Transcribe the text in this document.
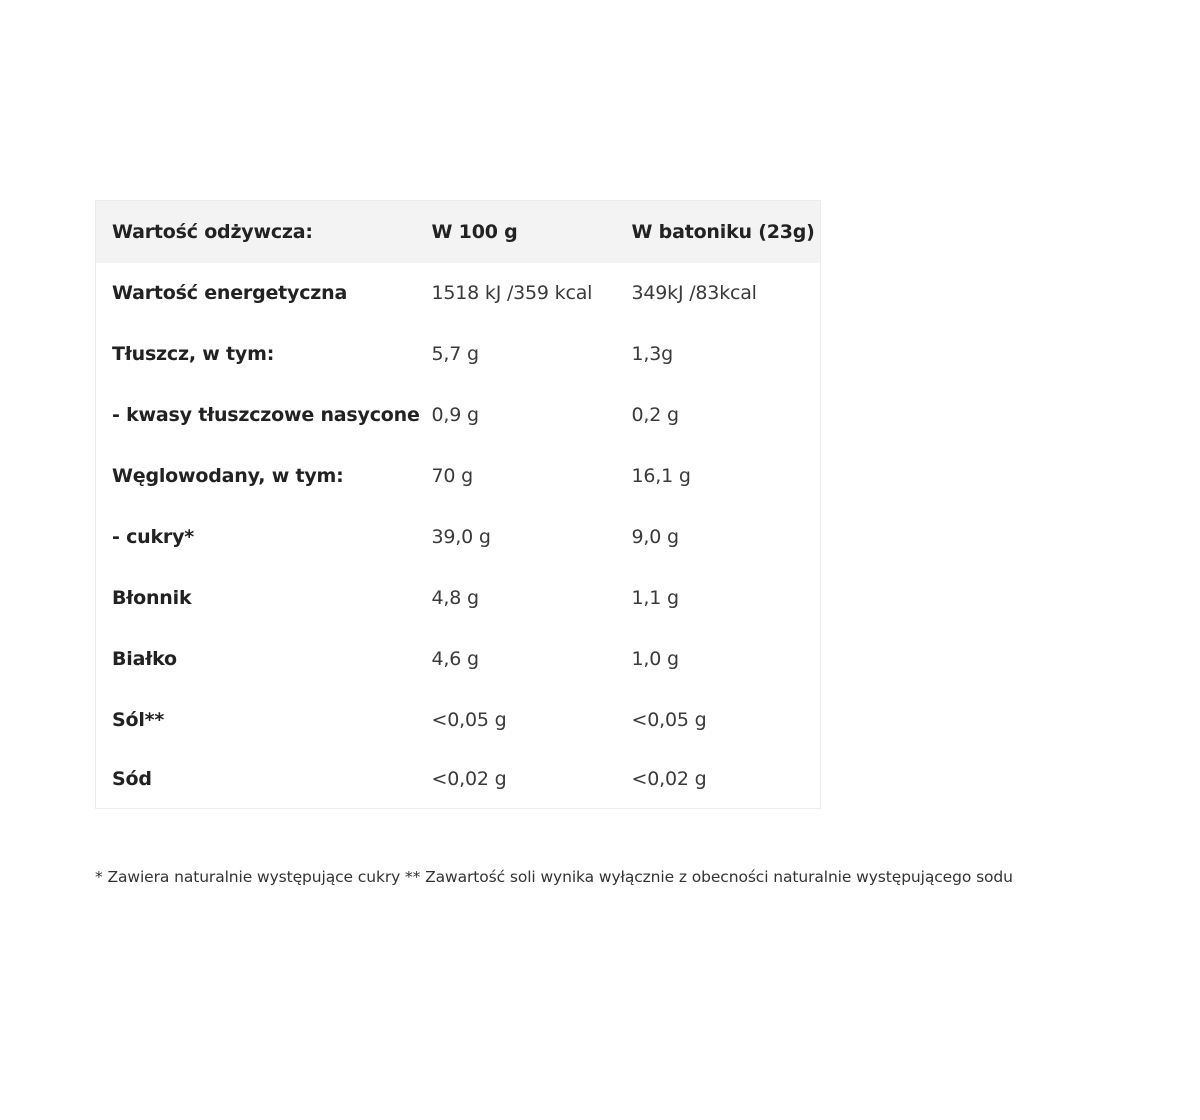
Wartość odżywcza:	W 100 g	W batoniku (23g)
Wartość energetyczna	1518 kJ /359 kcal	349kJ /83kcal
Tłuszcz, w tym:	5,7 g	1,3g
- kwasy tłuszczowe nasycone	0,9 g	0,2 g
Węglowodany, w tym:	70 g	16,1 g
- cukry*	39,0 g	9,0 g
Błonnik	4,8 g	1,1 g
Białko	4,6 g	1,0 g
Sól**	<0,05 g	<0,05 g
Sód	<0,02 g	<0,02 g
* Zawiera naturalnie występujące cukry ** Zawartość soli wynika wyłącznie z obecności naturalnie występującego sodu
